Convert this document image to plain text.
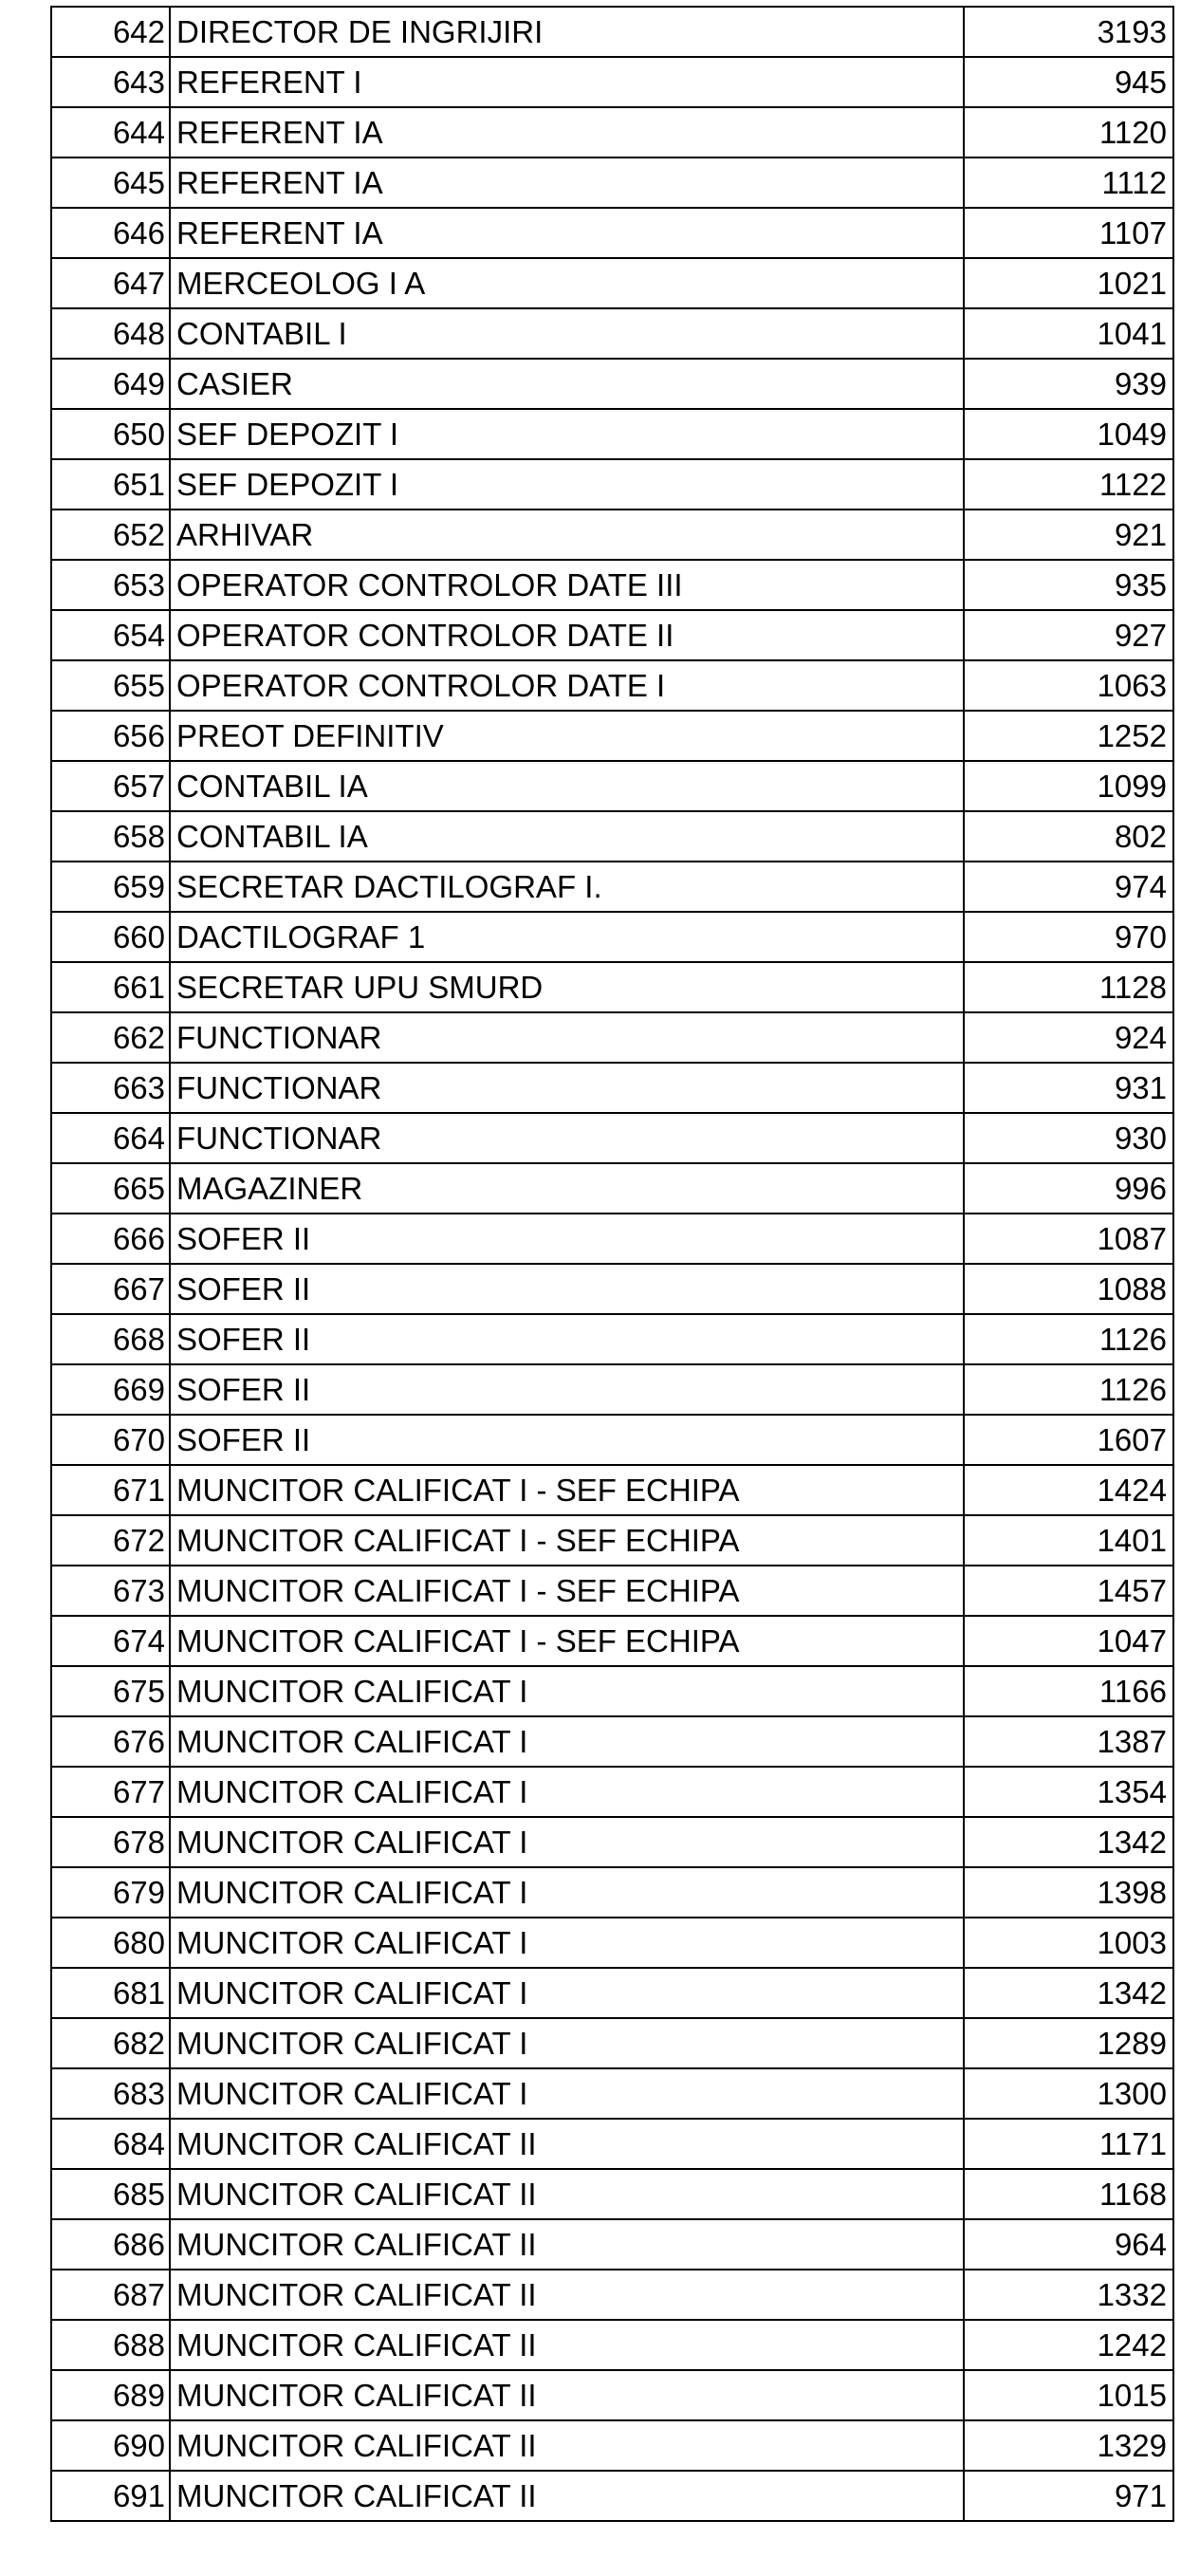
642	DIRECTOR DE INGRIJIRI	3193
643	REFERENT I	945
644	REFERENT IA	1120
645	REFERENT IA	1112
646	REFERENT IA	1107
647	MERCEOLOG I A	1021
648	CONTABIL I	1041
649	CASIER	939
650	SEF DEPOZIT I	1049
651	SEF DEPOZIT I	1122
652	ARHIVAR	921
653	OPERATOR CONTROLOR DATE III	935
654	OPERATOR CONTROLOR DATE II	927
655	OPERATOR CONTROLOR DATE I	1063
656	PREOT DEFINITIV	1252
657	CONTABIL IA	1099
658	CONTABIL IA	802
659	SECRETAR DACTILOGRAF I.	974
660	DACTILOGRAF 1	970
661	SECRETAR UPU SMURD	1128
662	FUNCTIONAR	924
663	FUNCTIONAR	931
664	FUNCTIONAR	930
665	MAGAZINER	996
666	SOFER II	1087
667	SOFER II	1088
668	SOFER II	1126
669	SOFER II	1126
670	SOFER II	1607
671	MUNCITOR CALIFICAT I - SEF ECHIPA	1424
672	MUNCITOR CALIFICAT I - SEF ECHIPA	1401
673	MUNCITOR CALIFICAT I - SEF ECHIPA	1457
674	MUNCITOR CALIFICAT I - SEF ECHIPA	1047
675	MUNCITOR CALIFICAT I	1166
676	MUNCITOR CALIFICAT I	1387
677	MUNCITOR CALIFICAT I	1354
678	MUNCITOR CALIFICAT I	1342
679	MUNCITOR CALIFICAT I	1398
680	MUNCITOR CALIFICAT I	1003
681	MUNCITOR CALIFICAT I	1342
682	MUNCITOR CALIFICAT I	1289
683	MUNCITOR CALIFICAT I	1300
684	MUNCITOR CALIFICAT II	1171
685	MUNCITOR CALIFICAT II	1168
686	MUNCITOR CALIFICAT II	964
687	MUNCITOR CALIFICAT II	1332
688	MUNCITOR CALIFICAT II	1242
689	MUNCITOR CALIFICAT II	1015
690	MUNCITOR CALIFICAT II	1329
691	MUNCITOR CALIFICAT II	971
